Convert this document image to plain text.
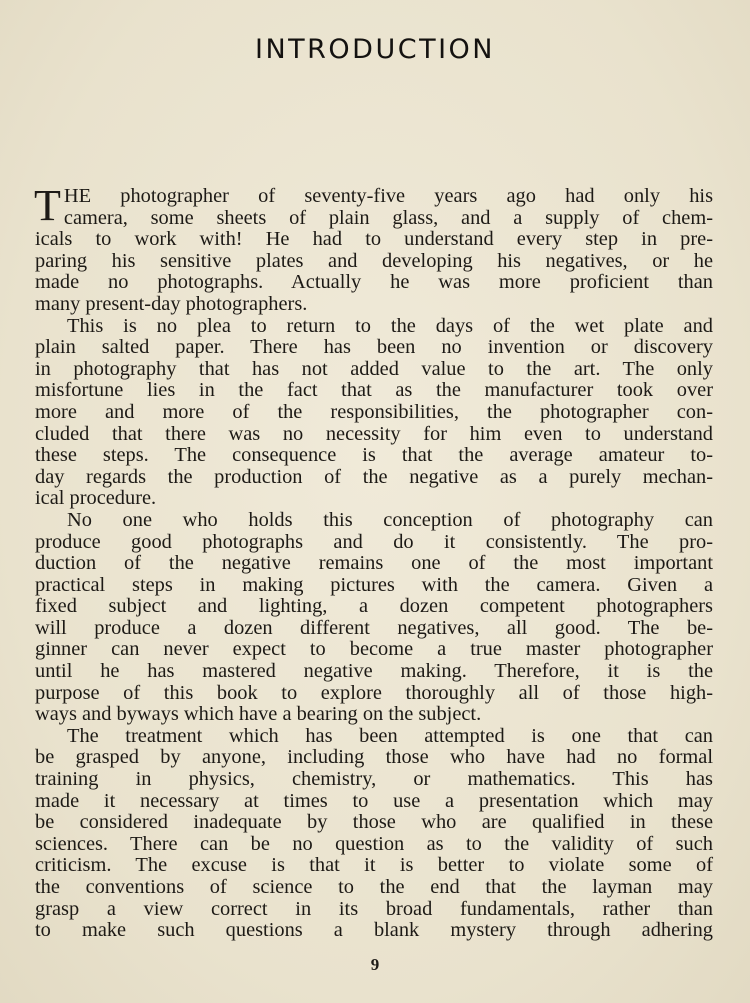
INTRODUCTION
T HE photographer of seventy-five years ago had only his
camera, some sheets of plain glass, and a supply of chem-
icals to work with! He had to understand every step in pre-
paring his sensitive plates and developing his negatives, or he
made no photographs. Actually he was more proficient than
many present-day photographers.
This is no plea to return to the days of the wet plate and
plain salted paper. There has been no invention or discovery
in photography that has not added value to the art. The only
misfortune lies in the fact that as the manufacturer took over
more and more of the responsibilities, the photographer con-
cluded that there was no necessity for him even to understand
these steps. The consequence is that the average amateur to-
day regards the production of the negative as a purely mechan-
ical procedure.
No one who holds this conception of photography can
produce good photographs and do it consistently. The pro-
duction of the negative remains one of the most important
practical steps in making pictures with the camera. Given a
fixed subject and lighting, a dozen competent photographers
will produce a dozen different negatives, all good. The be-
ginner can never expect to become a true master photographer
until he has mastered negative making. Therefore, it is the
purpose of this book to explore thoroughly all of those high-
ways and byways which have a bearing on the subject.
The treatment which has been attempted is one that can
be grasped by anyone, including those who have had no formal
training in physics, chemistry, or mathematics. This has
made it necessary at times to use a presentation which may
be considered inadequate by those who are qualified in these
sciences. There can be no question as to the validity of such
criticism. The excuse is that it is better to violate some of
the conventions of science to the end that the layman may
grasp a view correct in its broad fundamentals, rather than
to make such questions a blank mystery through adhering
9
